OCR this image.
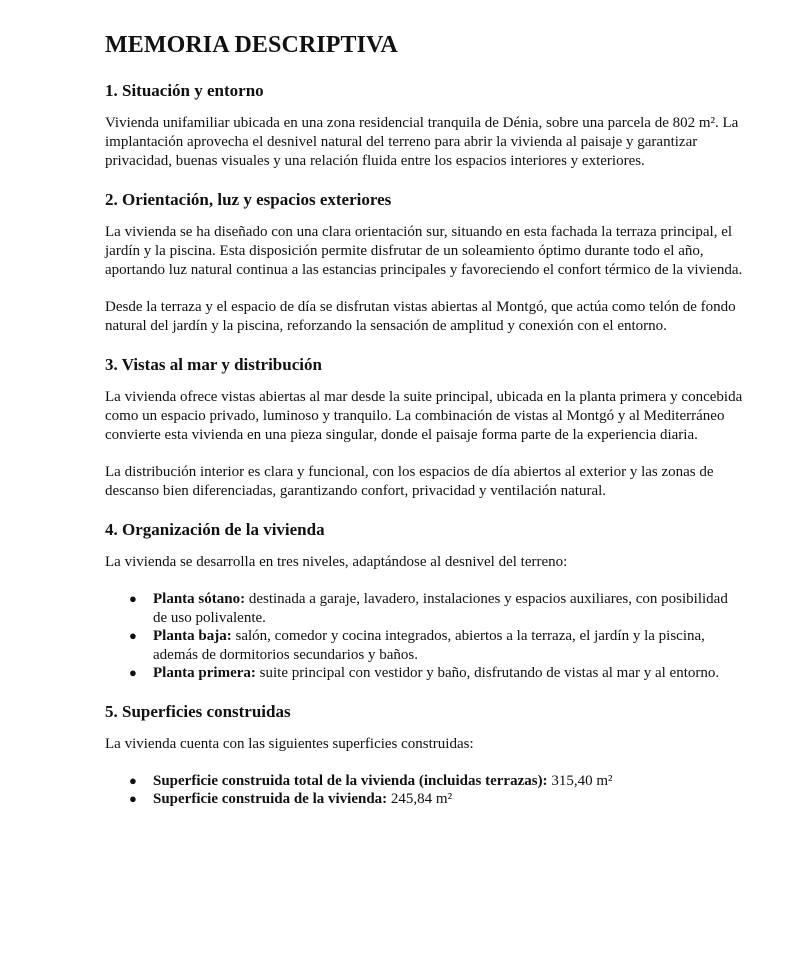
MEMORIA DESCRIPTIVA
1. Situación y entorno

Vivienda unifamiliar ubicada en una zona residencial tranquila de Dénia, sobre una parcela de 802 m². La implantación aprovecha el desnivel natural del terreno para abrir la vivienda al paisaje y garantizar privacidad, buenas visuales y una relación fluida entre los espacios interiores y exteriores.

2. Orientación, luz y espacios exteriores

La vivienda se ha diseñado con una clara orientación sur, situando en esta fachada la terraza principal, el jardín y la piscina. Esta disposición permite disfrutar de un soleamiento óptimo durante todo el año, aportando luz natural continua a las estancias principales y favoreciendo el confort térmico de la vivienda.

Desde la terraza y el espacio de día se disfrutan vistas abiertas al Montgó, que actúa como telón de fondo natural del jardín y la piscina, reforzando la sensación de amplitud y conexión con el entorno.

3. Vistas al mar y distribución

La vivienda ofrece vistas abiertas al mar desde la suite principal, ubicada en la planta primera y concebida como un espacio privado, luminoso y tranquilo. La combinación de vistas al Montgó y al Mediterráneo convierte esta vivienda en una pieza singular, donde el paisaje forma parte de la experiencia diaria.

La distribución interior es clara y funcional, con los espacios de día abiertos al exterior y las zonas de descanso bien diferenciadas, garantizando confort, privacidad y ventilación natural.

4. Organización de la vivienda

La vivienda se desarrolla en tres niveles, adaptándose al desnivel del terreno:

● Planta sótano: destinada a garaje, lavadero, instalaciones y espacios auxiliares, con posibilidad de uso polivalente.
● Planta baja: salón, comedor y cocina integrados, abiertos a la terraza, el jardín y la piscina, además de dormitorios secundarios y baños.
● Planta primera: suite principal con vestidor y baño, disfrutando de vistas al mar y al entorno.
5. Superficies construidas

La vivienda cuenta con las siguientes superficies construidas:

● Superficie construida total de la vivienda (incluidas terrazas): 315,40 m²
● Superficie construida de la vivienda: 245,84 m²
